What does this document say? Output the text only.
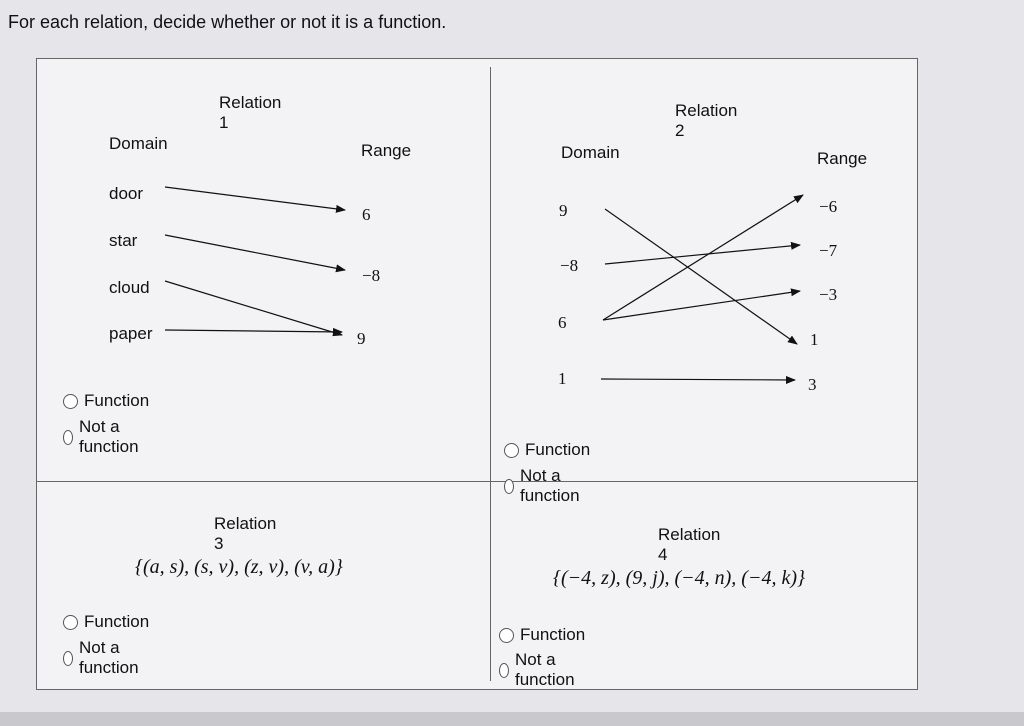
For each relation, decide whether or not it is a function.
Relation 1
Domain	Range
door
star
cloud
paper
6
−8
9
Function
Not a function
Relation 2
Domain	Range
9
−8
6
1
−6
−7
−3
1
3
Function
Not a function
Relation 3
{(a, s), (s, v), (z, v), (v, a)}
Function
Not a function
Relation 4
{(−4, z), (9, j), (−4, n), (−4, k)}
Function
Not a function
